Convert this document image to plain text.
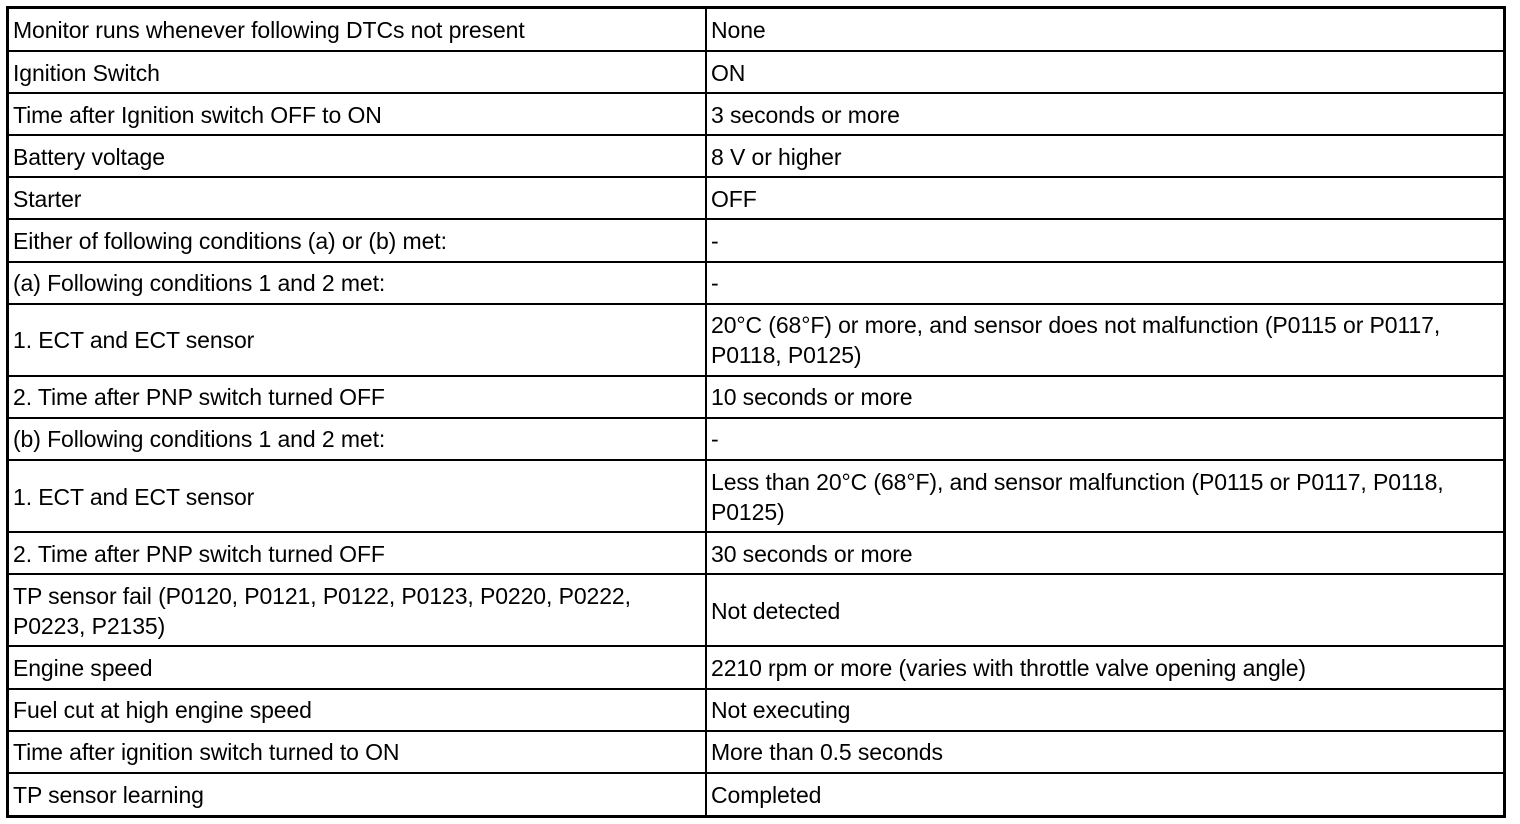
Monitor runs whenever following DTCs not present	None
Ignition Switch	ON
Time after Ignition switch OFF to ON	3 seconds or more
Battery voltage	8 V or higher
Starter	OFF
Either of following conditions (a) or (b) met:	-
(a) Following conditions 1 and 2 met:	-
1. ECT and ECT sensor	20°C (68°F) or more, and sensor does not malfunction (P0115 or P0117, P0118, P0125)
2. Time after PNP switch turned OFF	10 seconds or more
(b) Following conditions 1 and 2 met:	-
1. ECT and ECT sensor	Less than 20°C (68°F), and sensor malfunction (P0115 or P0117, P0118, P0125)
2. Time after PNP switch turned OFF	30 seconds or more
TP sensor fail (P0120, P0121, P0122, P0123, P0220, P0222, P0223, P2135)	Not detected
Engine speed	2210 rpm or more (varies with throttle valve opening angle)
Fuel cut at high engine speed	Not executing
Time after ignition switch turned to ON	More than 0.5 seconds
TP sensor learning	Completed
